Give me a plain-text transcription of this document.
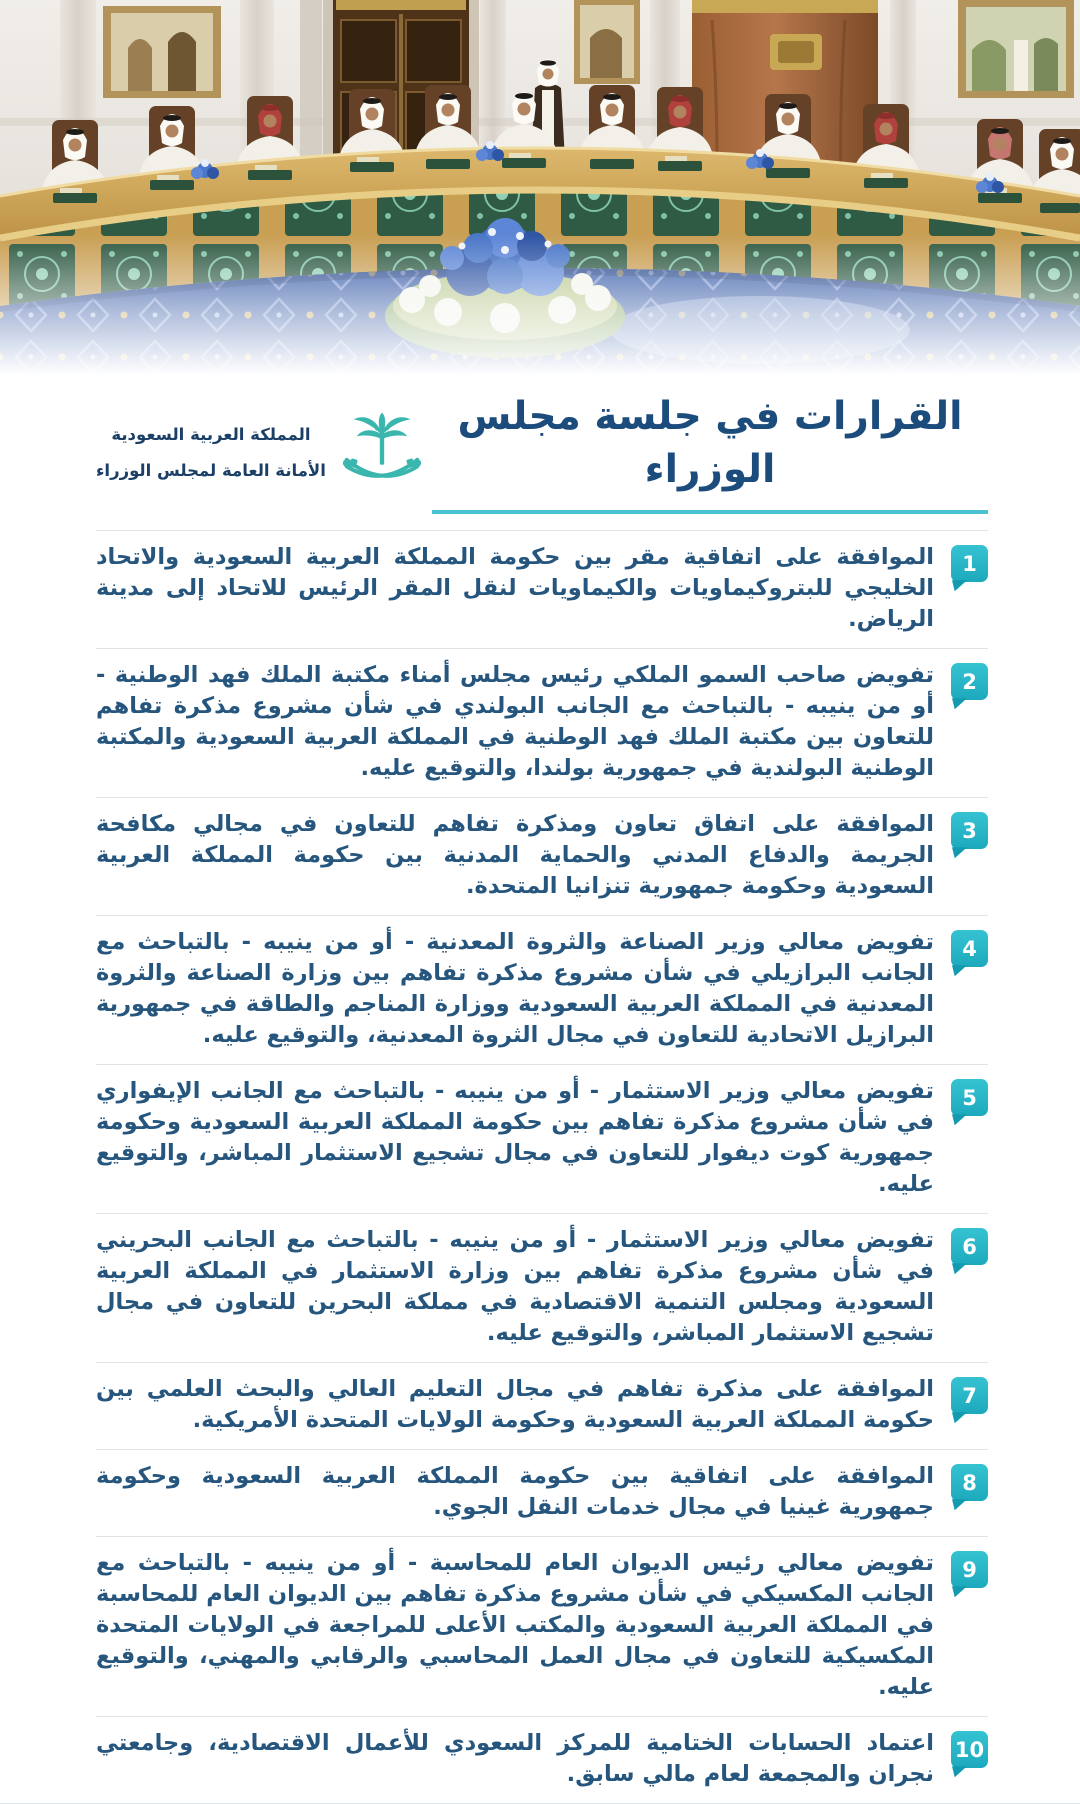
القرارات في جلسة مجلس الوزراء
المملكة العربية السعودية
الأمانة العامة لمجلس الوزراء
1

الموافقة على اتفاقية مقر بين حكومة المملكة العربية السعودية والاتحاد الخليجي للبتروكيماويات والكيماويات لنقل المقر الرئيس للاتحاد إلى مدينة الرياض.

2

تفويض صاحب السمو الملكي رئيس مجلس أمناء مكتبة الملك فهد الوطنية - أو من ينيبه - بالتباحث مع الجانب البولندي في شأن مشروع مذكرة تفاهم للتعاون بين مكتبة الملك فهد الوطنية في المملكة العربية السعودية والمكتبة الوطنية البولندية في جمهورية بولندا، والتوقيع عليه.

3

الموافقة على اتفاق تعاون ومذكرة تفاهم للتعاون في مجالي مكافحة الجريمة والدفاع المدني والحماية المدنية بين حكومة المملكة العربية السعودية وحكومة جمهورية تنزانيا المتحدة.

4

تفويض معالي وزير الصناعة والثروة المعدنية - أو من ينيبه - بالتباحث مع الجانب البرازيلي في شأن مشروع مذكرة تفاهم بين وزارة الصناعة والثروة المعدنية في المملكة العربية السعودية ووزارة المناجم والطاقة في جمهورية البرازيل الاتحادية للتعاون في مجال الثروة المعدنية، والتوقيع عليه.

5

تفويض معالي وزير الاستثمار - أو من ينيبه - بالتباحث مع الجانب الإيفواري في شأن مشروع مذكرة تفاهم بين حكومة المملكة العربية السعودية وحكومة جمهورية كوت ديفوار للتعاون في مجال تشجيع الاستثمار المباشر، والتوقيع عليه.

6

تفويض معالي وزير الاستثمار - أو من ينيبه - بالتباحث مع الجانب البحريني في شأن مشروع مذكرة تفاهم بين وزارة الاستثمار في المملكة العربية السعودية ومجلس التنمية الاقتصادية في مملكة البحرين للتعاون في مجال تشجيع الاستثمار المباشر، والتوقيع عليه.

7

الموافقة على مذكرة تفاهم في مجال التعليم العالي والبحث العلمي بين حكومة المملكة العربية السعودية وحكومة الولايات المتحدة الأمريكية.

8

الموافقة على اتفاقية بين حكومة المملكة العربية السعودية وحكومة جمهورية غينيا في مجال خدمات النقل الجوي.

9

تفويض معالي رئيس الديوان العام للمحاسبة - أو من ينيبه - بالتباحث مع الجانب المكسيكي في شأن مشروع مذكرة تفاهم بين الديوان العام للمحاسبة في المملكة العربية السعودية والمكتب الأعلى للمراجعة في الولايات المتحدة المكسيكية للتعاون في مجال العمل المحاسبي والرقابي والمهني، والتوقيع عليه.

10

اعتماد الحسابات الختامية للمركز السعودي للأعمال الاقتصادية، وجامعتي نجران والمجمعة لعام مالي سابق.
